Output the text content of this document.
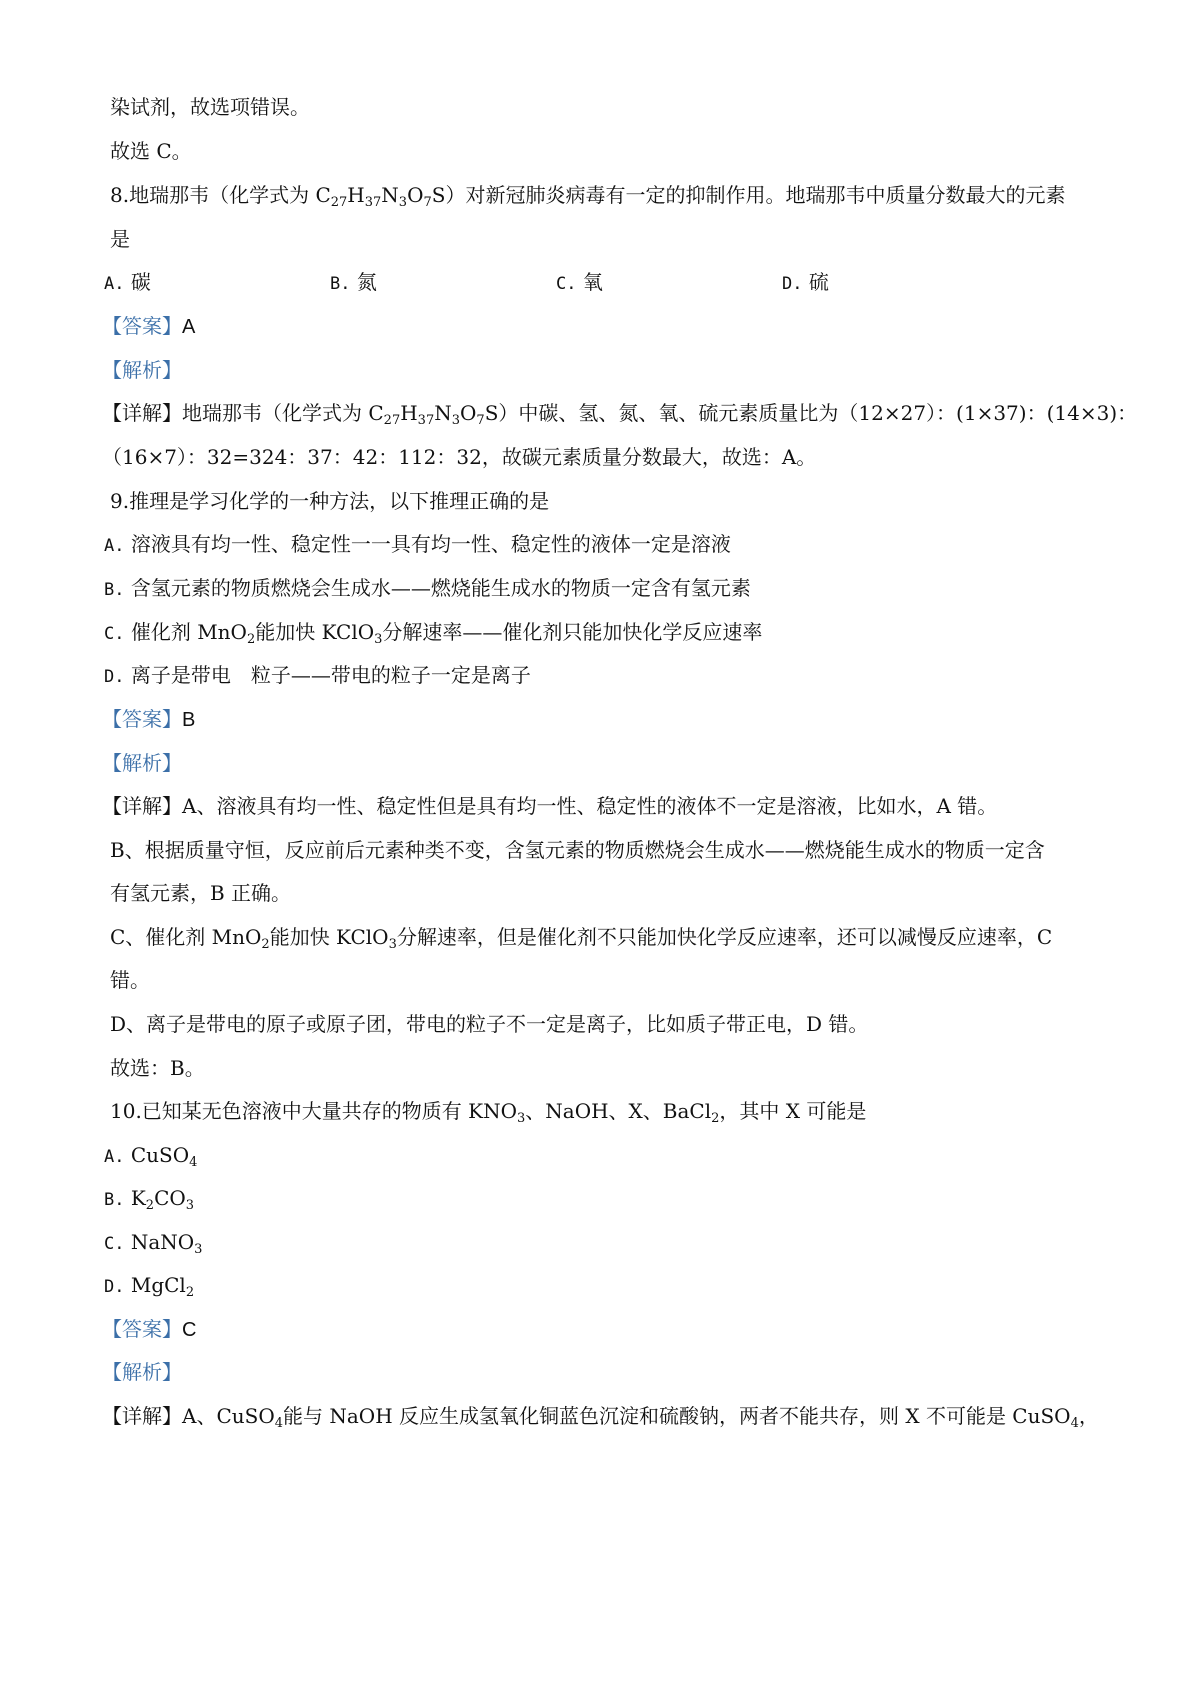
染试剂，故选项错误。
故选 C。
8.地瑞那韦（化学式为 $C_{27}H_{37}N_3O_7S$）对新冠肺炎病毒有一定的抑制作用。地瑞那韦中质量分数最大的元素
是
A. 碳	B. 氮	C. 氧	D. 硫
【答案】A
【解析】
【详解】地瑞那韦（化学式为 $C_{27}H_{37}N_3O_7S$）中碳、氢、氮、氧、硫元素质量比为（12×27）：(1×37)：(14×3)：
（16×7）：32=324：37：42：112：32，故碳元素质量分数最大，故选：A。
9.推理是学习化学的一种方法，以下推理正确的是
A. 溶液具有均一性、稳定性一一具有均一性、稳定性的液体一定是溶液
B. 含氢元素的物质燃烧会生成水——燃烧能生成水的物质一定含有氢元素
C. 催化剂 MnO$_2$能加快 KClO$_3$分解速率——催化剂只能加快化学反应速率
D. 离子是带电　粒子——带电的粒子一定是离子
【答案】B
【解析】
【详解】A、溶液具有均一性、稳定性但是具有均一性、稳定性的液体不一定是溶液，比如水，A 错。
B、根据质量守恒，反应前后元素种类不变，含氢元素的物质燃烧会生成水——燃烧能生成水的物质一定含
有氢元素，B 正确。
C、催化剂 MnO$_2$能加快 KClO$_3$分解速率，但是催化剂不只能加快化学反应速率，还可以减慢反应速率，C
错。
D、离子是带电的原子或原子团，带电的粒子不一定是离子，比如质子带正电，D 错。
故选：B。
10.已知某无色溶液中大量共存的物质有 $KNO_3$、NaOH、X、BaCl$_2$，其中 X 可能是
A. CuSO$_4$
B. $K_2CO_3$
C. NaNO$_3$
D. MgCl$_2$
【答案】C
【解析】
【详解】A、CuSO$_4$能与 NaOH 反应生成氢氧化铜蓝色沉淀和硫酸钠，两者不能共存，则 X 不可能是 CuSO$_4$，
